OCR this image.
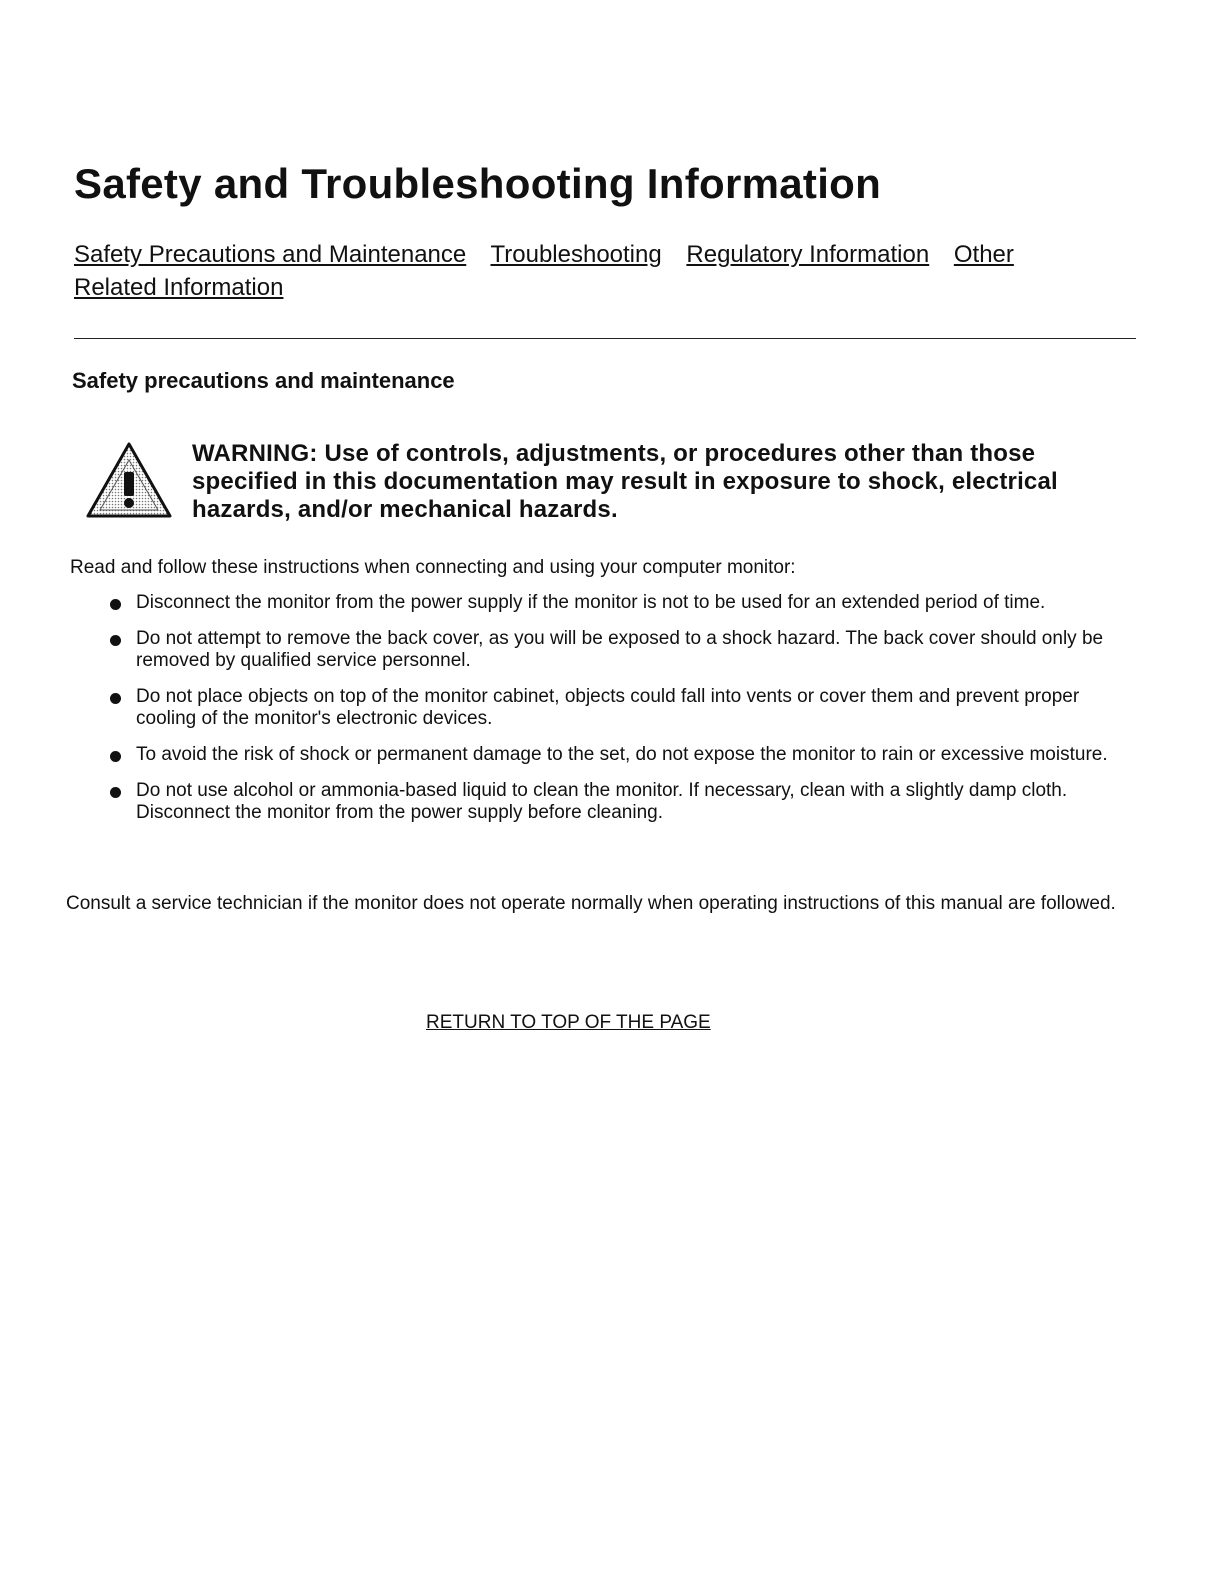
Safety and Troubleshooting Information
Safety Precautions and Maintenance Troubleshooting Regulatory Information Other Related Information
Safety precautions and maintenance
WARNING: Use of controls, adjustments, or procedures other than those specified in this documentation may result in exposure to shock, electrical hazards, and/or mechanical hazards.
Read and follow these instructions when connecting and using your computer monitor:
Disconnect the monitor from the power supply if the monitor is not to be used for an extended period of time.
Do not attempt to remove the back cover, as you will be exposed to a shock hazard. The back cover should only be removed by qualified service personnel.
Do not place objects on top of the monitor cabinet, objects could fall into vents or cover them and prevent proper cooling of the monitor's electronic devices.
To avoid the risk of shock or permanent damage to the set, do not expose the monitor to rain or excessive moisture.
Do not use alcohol or ammonia-based liquid to clean the monitor. If necessary, clean with a slightly damp cloth. Disconnect the monitor from the power supply before cleaning.
Consult a service technician if the monitor does not operate normally when operating instructions of this manual are followed.
RETURN TO TOP OF THE PAGE
